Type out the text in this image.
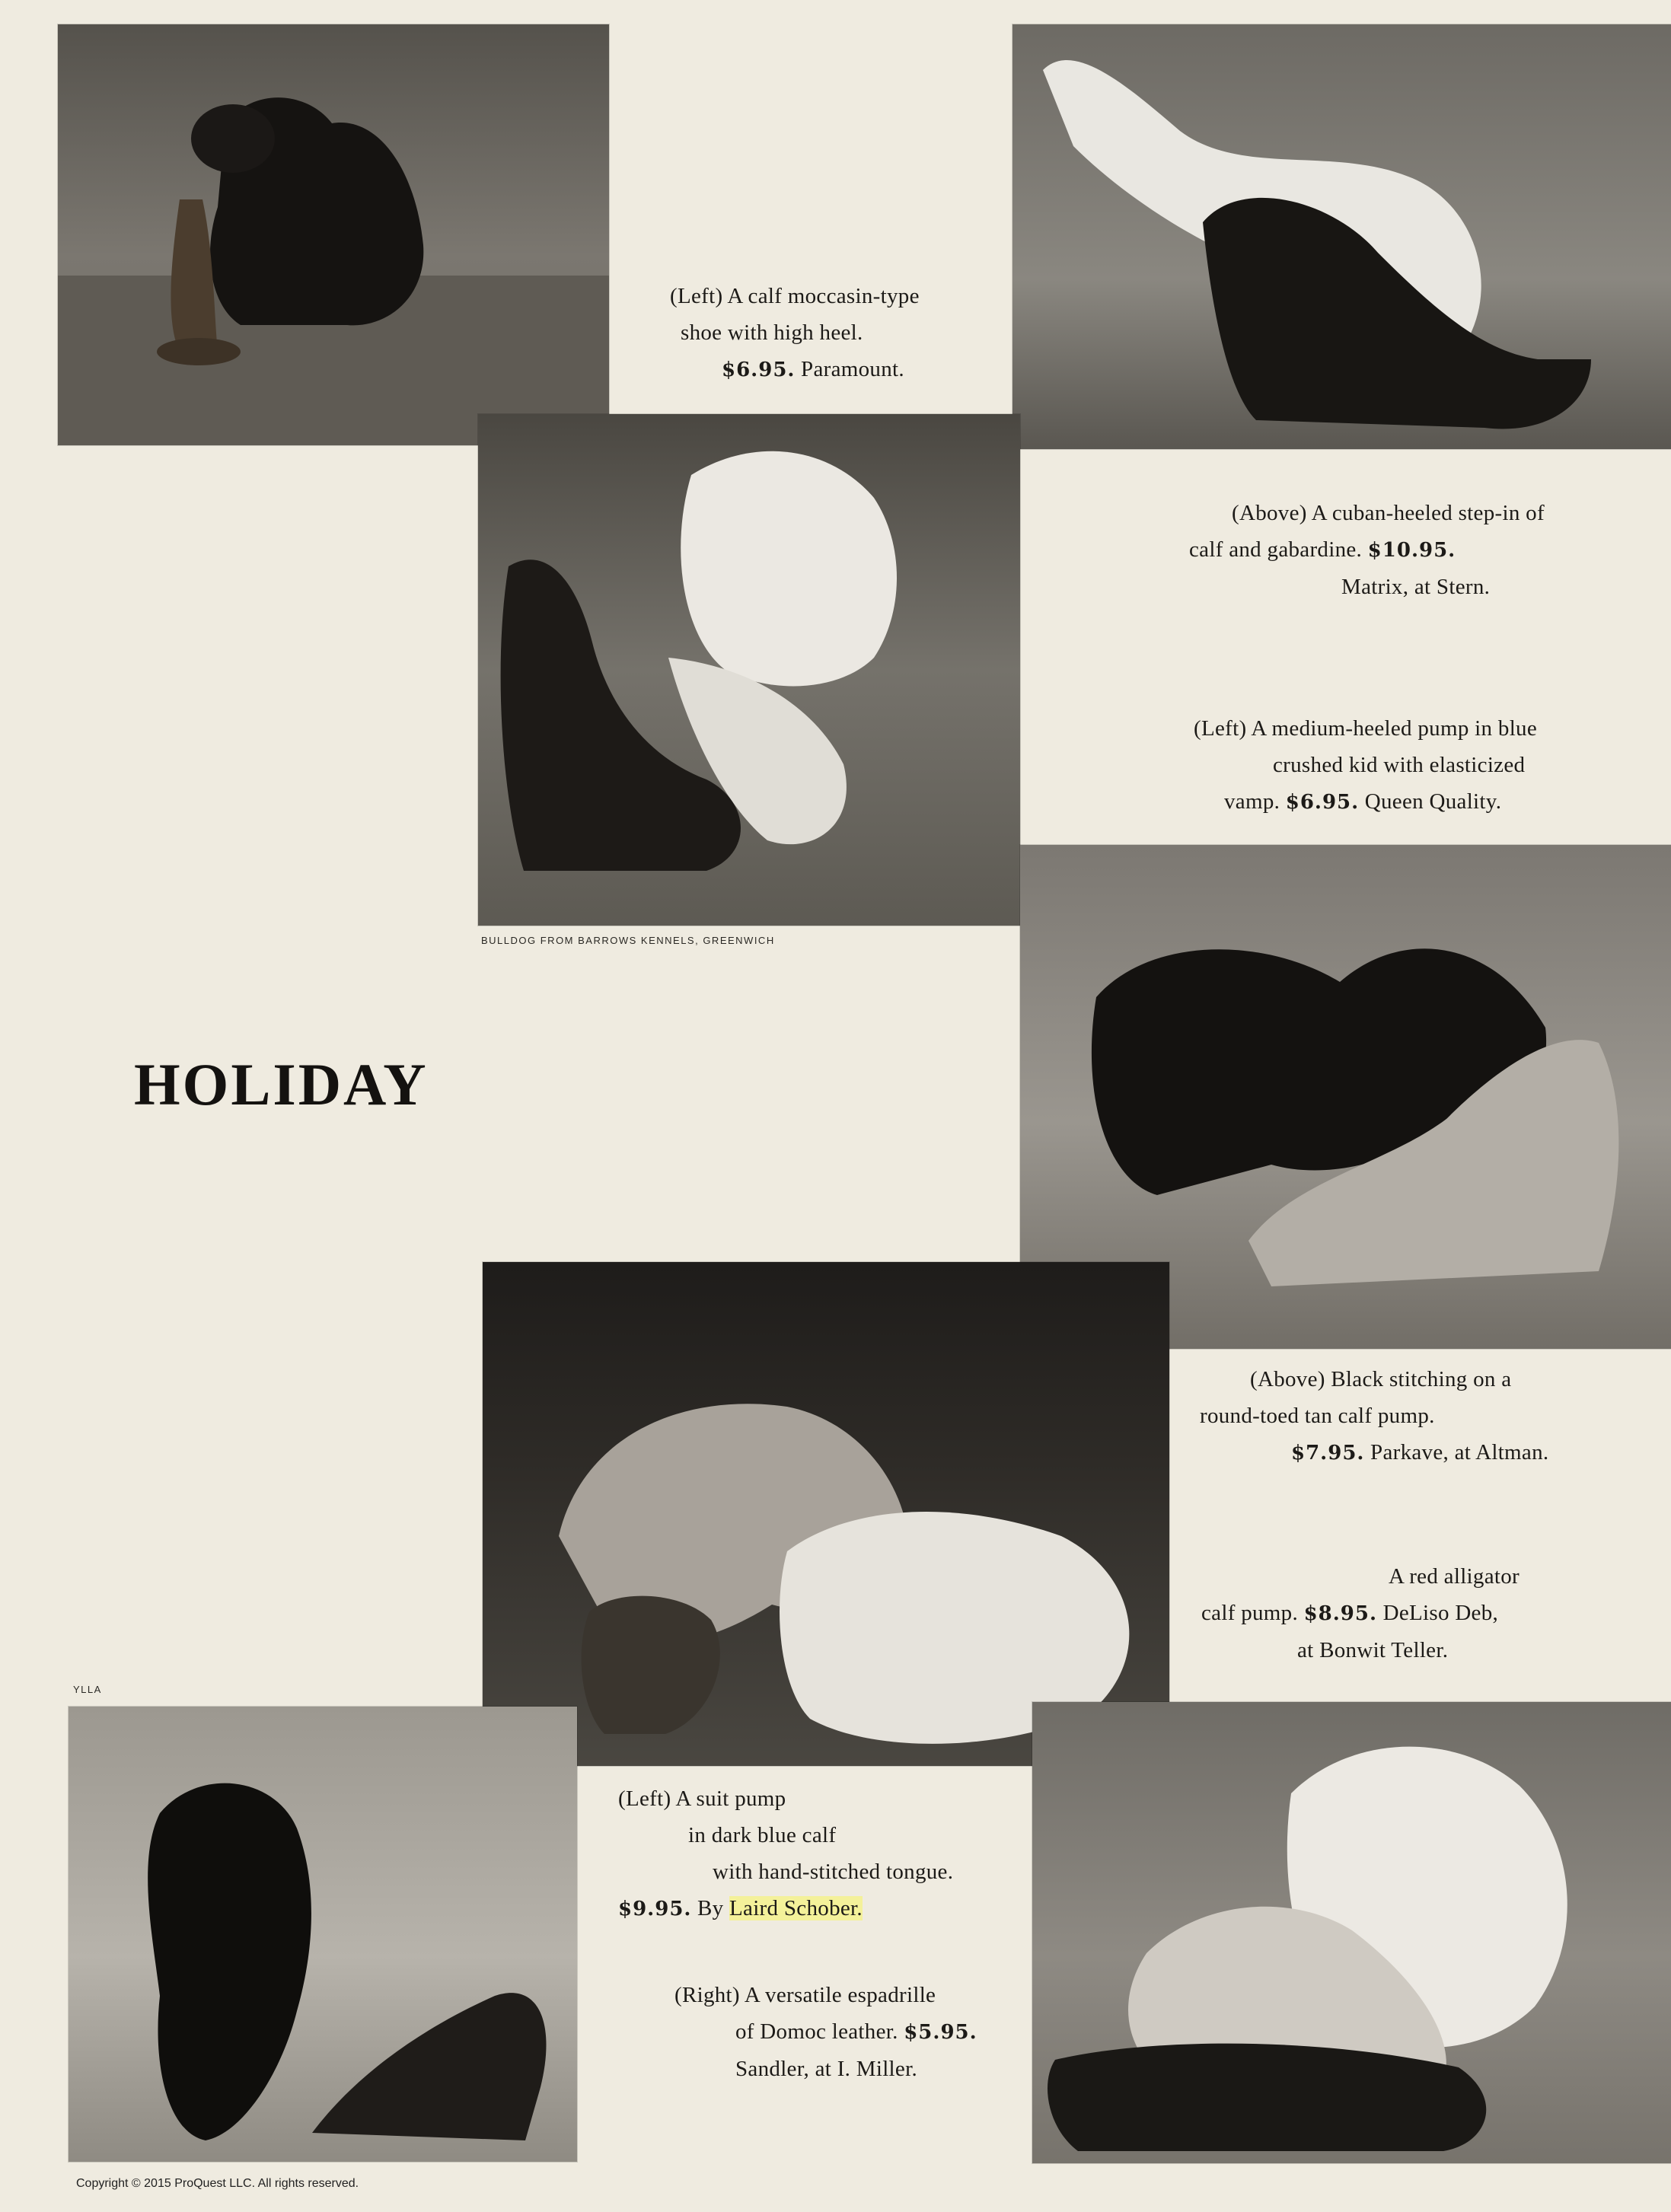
BULLDOG FROM BARROWS KENNELS, GREENWICH
HOLIDAY
(Left) A calf moccasin-type
shoe with high heel.
$6.95. Paramount.
(Above) A cuban-heeled step-in of
calf and gabardine. $10.95.
Matrix, at Stern.
(Left) A medium-heeled pump in blue
crushed kid with elasticized
vamp. $6.95. Queen Quality.
(Above) Black stitching on a
round-toed tan calf pump.
$7.95. Parkave, at Altman.
A red alligator
calf pump. $8.95. DeLiso Deb,
at Bonwit Teller.
(Left) A suit pump
in dark blue calf
with hand-stitched tongue.
$9.95. By Laird Schober.
(Right) A versatile espadrille
of Domoc leather. $5.95.
Sandler, at I. Miller.
YLLA
Copyright © 2015 ProQuest LLC. All rights reserved.
